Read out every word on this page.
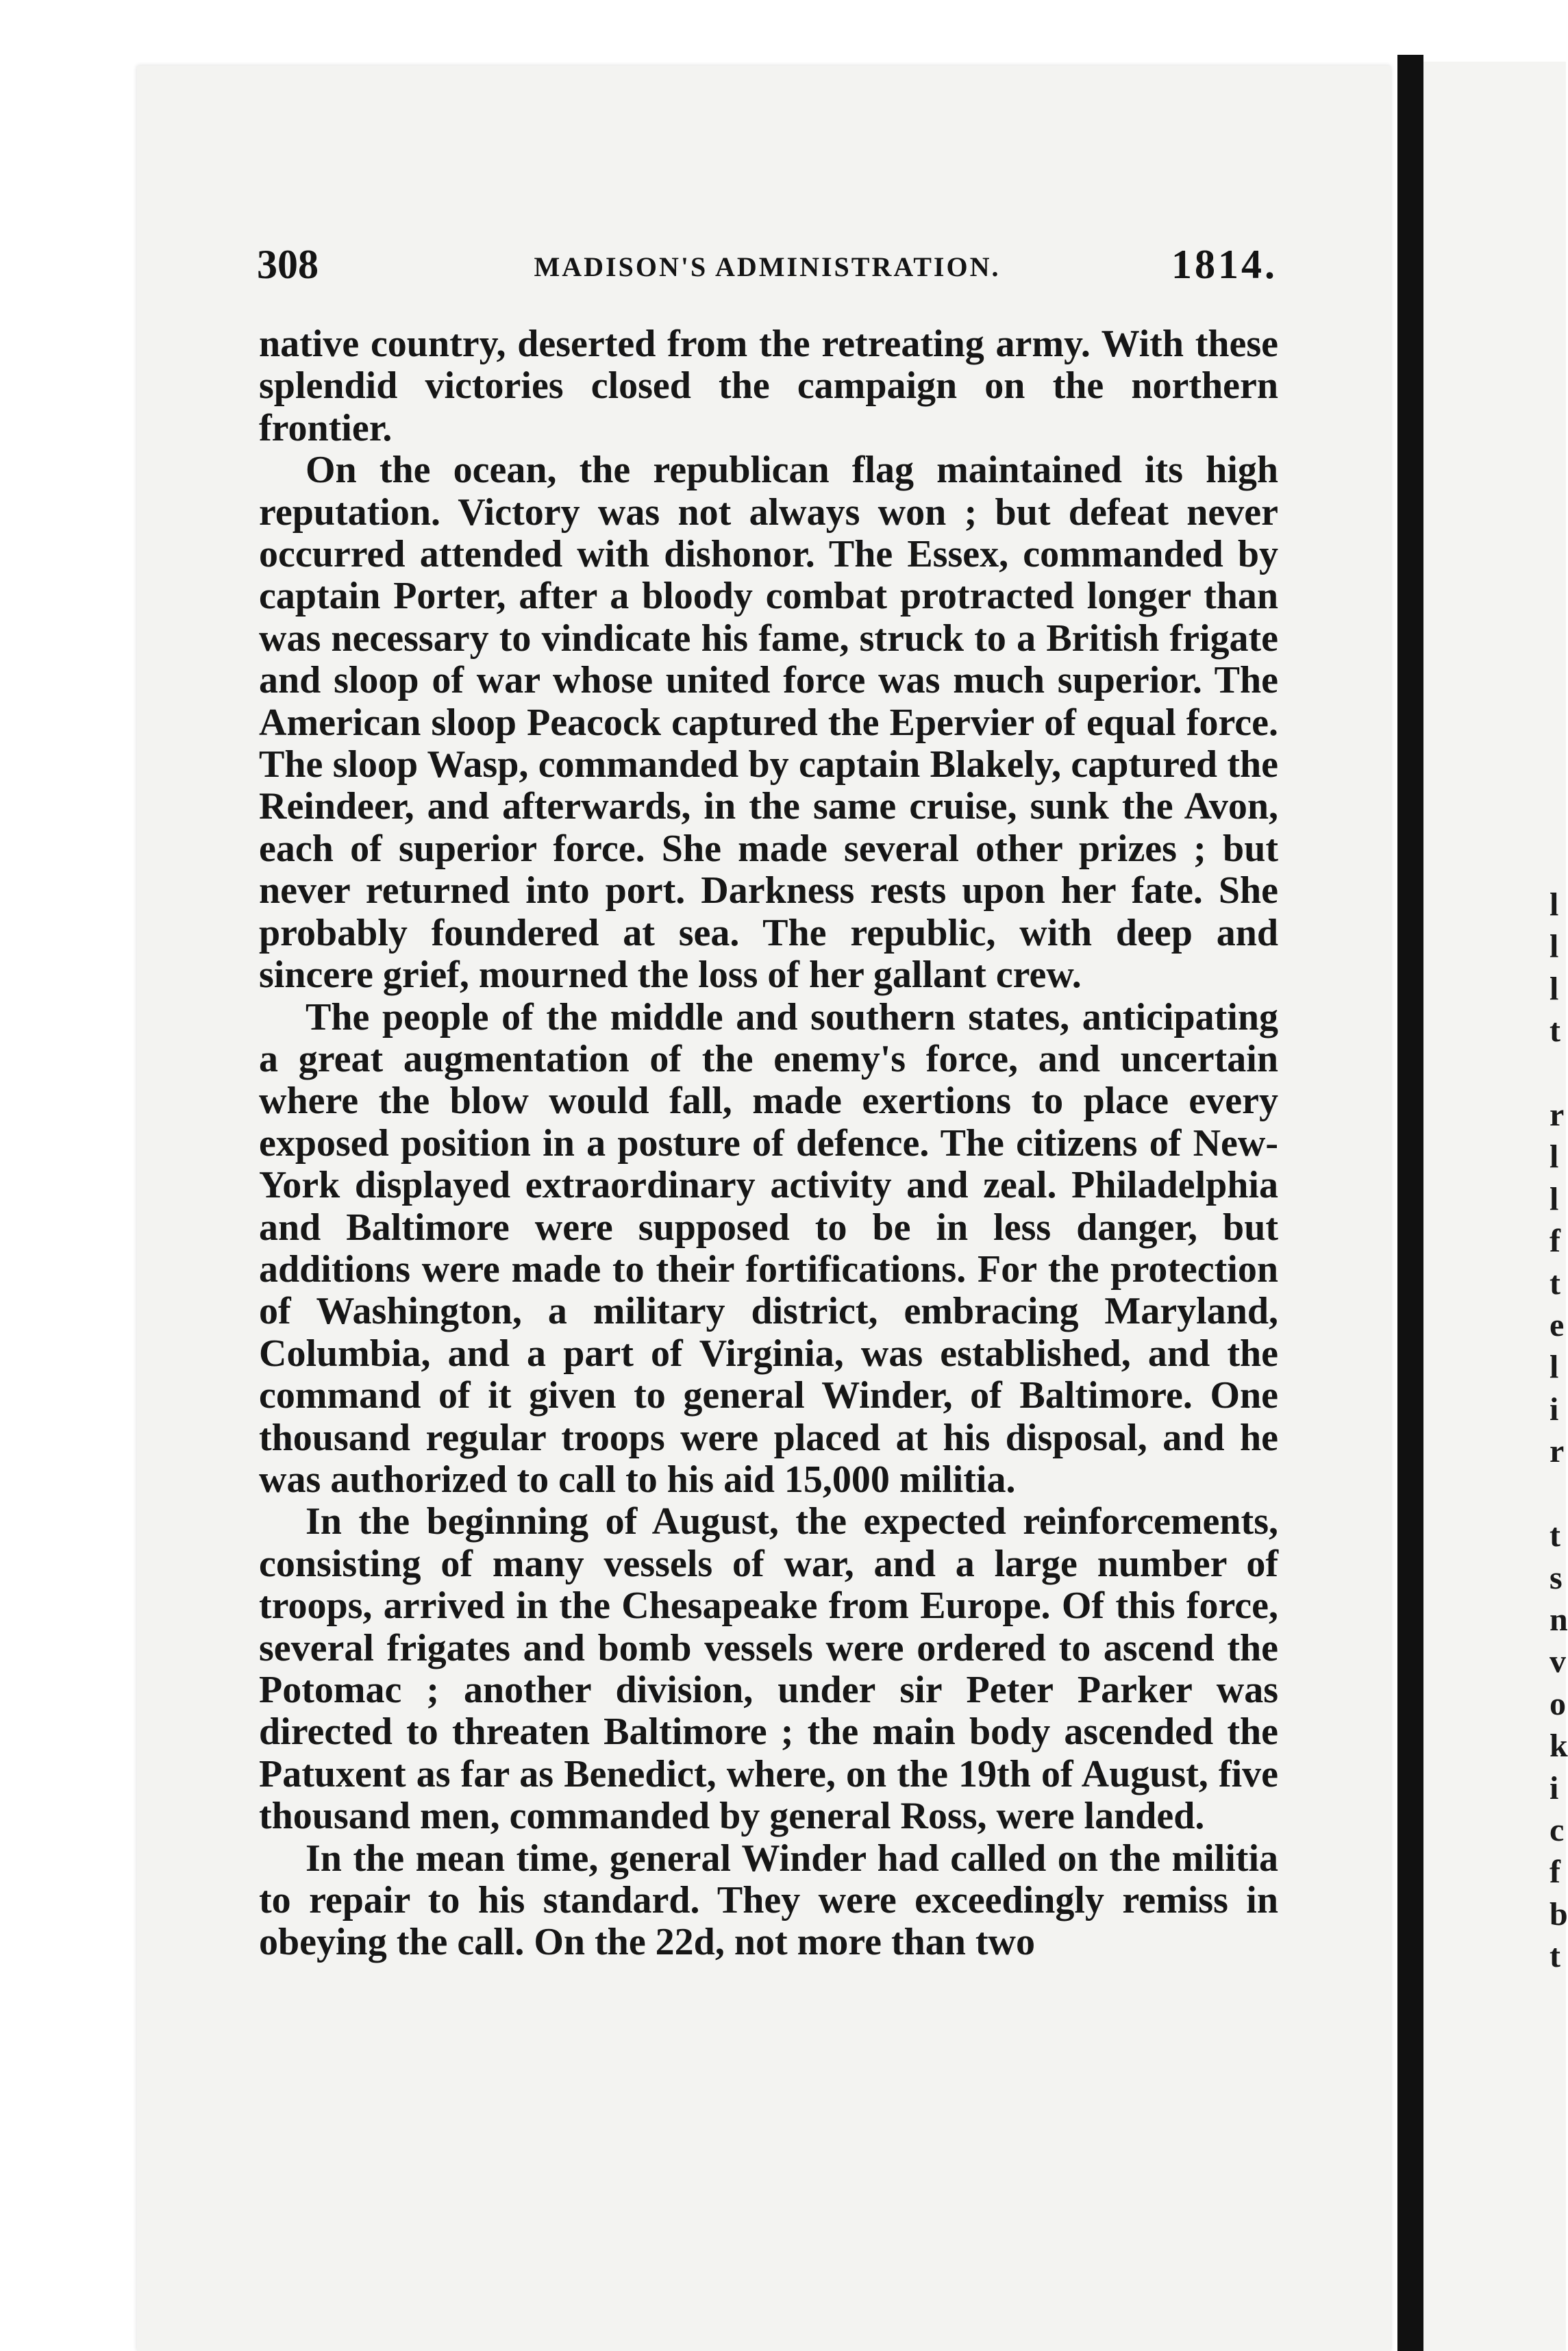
308	MADISON'S ADMINISTRATION.	1814.

native country, deserted from the retreating army. With these splendid victories closed the campaign on the northern frontier.

On the ocean, the republican flag maintained its high reputation. Victory was not always won ; but defeat never occurred attended with dishonor. The Essex, commanded by captain Porter, after a bloody combat protracted longer than was necessary to vindicate his fame, struck to a British frigate and sloop of war whose united force was much superior. The American sloop Peacock captured the Epervier of equal force. The sloop Wasp, commanded by captain Blakely, captured the Reindeer, and afterwards, in the same cruise, sunk the Avon, each of superior force. She made several other prizes ; but never returned into port. Darkness rests upon her fate. She probably foundered at sea. The republic, with deep and sincere grief, mourned the loss of her gallant crew.

The people of the middle and southern states, anticipating a great augmentation of the enemy's force, and uncertain where the blow would fall, made exertions to place every exposed position in a posture of defence. The citizens of New-York displayed extraordinary activity and zeal. Philadelphia and Baltimore were supposed to be in less danger, but additions were made to their fortifications. For the protection of Washington, a military district, embracing Maryland, Columbia, and a part of Virginia, was established, and the command of it given to general Winder, of Baltimore. One thousand regular troops were placed at his disposal, and he was authorized to call to his aid 15,000 militia.

In the beginning of August, the expected reinforcements, consisting of many vessels of war, and a large number of troops, arrived in the Chesapeake from Europe. Of this force, several frigates and bomb vessels were ordered to ascend the Potomac ; another division, under sir Peter Parker was directed to threaten Baltimore ; the main body ascended the Patuxent as far as Benedict, where, on the 19th of August, five thousand men, commanded by general Ross, were landed.

In the mean time, general Winder had called on the militia to repair to his standard. They were exceedingly remiss in obeying the call. On the 22d, not more than two

l
l
l
t

r
l
l
f
t
e
l
i
r

t
s
n
v
o
k
i
c
f
b
t
